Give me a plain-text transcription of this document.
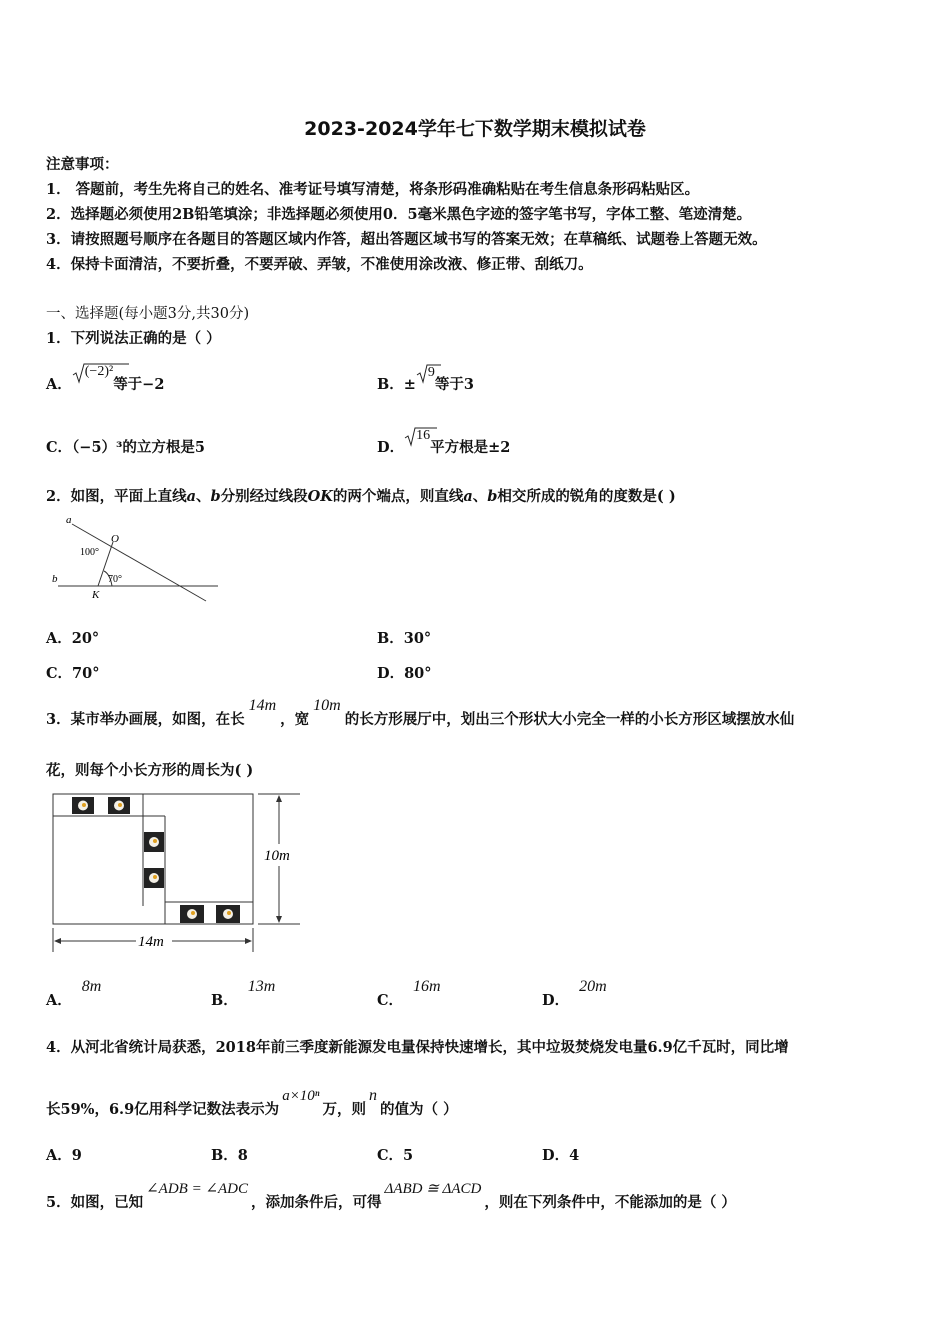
2023-2024学年七下数学期末模拟试卷
注意事项：
1． 答题前，考生先将自己的姓名、准考证号填写清楚，将条形码准确粘贴在考生信息条形码粘贴区。
2．选择题必须使用2B铅笔填涂；非选择题必须使用0．5毫米黑色字迹的签字笔书写，字体工整、笔迹清楚。
3．请按照题号顺序在各题目的答题区域内作答，超出答题区域书写的答案无效；在草稿纸、试题卷上答题无效。
4．保持卡面清洁，不要折叠，不要弄破、弄皱，不准使用涂改液、修正带、刮纸刀。
一、选择题(每小题3分,共30分)
1．下列说法正确的是（ ）
A．
(−2)²等于−2	B．±
9等于3
C．（−5）³的立方根是5	D．
16平方根是±2
2．如图，平面上直线a、b分别经过线段OK的两个端点，则直线a、b相交所成的锐角的度数是( )
a
O
100°
b	70°
K
A．20°	B．30°
C．70°	D．80°
3．某市举办画展，如图，在长14m，宽10m的长方形展厅中，划出三个形状大小完全一样的小长方形区域摆放水仙
花，则每个小长方形的周长为( )
10m
14m
A．8m
B．13m
C．16m
D．20m
4．从河北省统计局获悉，2018年前三季度新能源发电量保持快速增长，其中垃圾焚烧发电量6.9亿千瓦时，同比增
长59%，6.9亿用科学记数法表示为a×10ⁿ万，则n的值为（ ）
A．9	B．8	C．5	D．4
5．如图，已知∠ADB = ∠ADC，添加条件后，可得ΔABD ≅ ΔACD，则在下列条件中，不能添加的是（ ）
